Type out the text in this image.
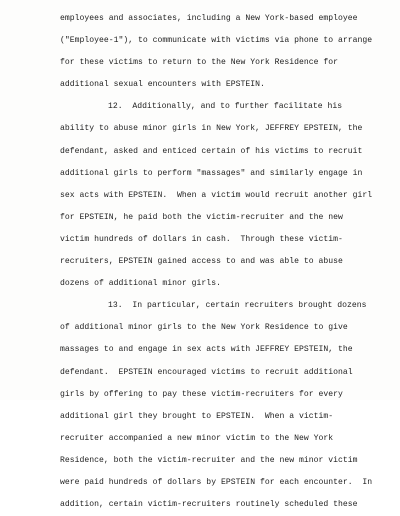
employees and associates, including a New York-based employee
("Employee-1"), to communicate with victims via phone to arrange
for these victims to return to the New York Residence for
additional sexual encounters with EPSTEIN.
12.  Additionally, and to further facilitate his
ability to abuse minor girls in New York, JEFFREY EPSTEIN, the
defendant, asked and enticed certain of his victims to recruit
additional girls to perform "massages" and similarly engage in
sex acts with EPSTEIN.  When a victim would recruit another girl
for EPSTEIN, he paid both the victim-recruiter and the new
victim hundreds of dollars in cash.  Through these victim-
recruiters, EPSTEIN gained access to and was able to abuse
dozens of additional minor girls.
13.  In particular, certain recruiters brought dozens
of additional minor girls to the New York Residence to give
massages to and engage in sex acts with JEFFREY EPSTEIN, the
defendant.  EPSTEIN encouraged victims to recruit additional
girls by offering to pay these victim-recruiters for every
additional girl they brought to EPSTEIN.  When a victim-
recruiter accompanied a new minor victim to the New York
Residence, both the victim-recruiter and the new minor victim
were paid hundreds of dollars by EPSTEIN for each encounter.  In
addition, certain victim-recruiters routinely scheduled these
